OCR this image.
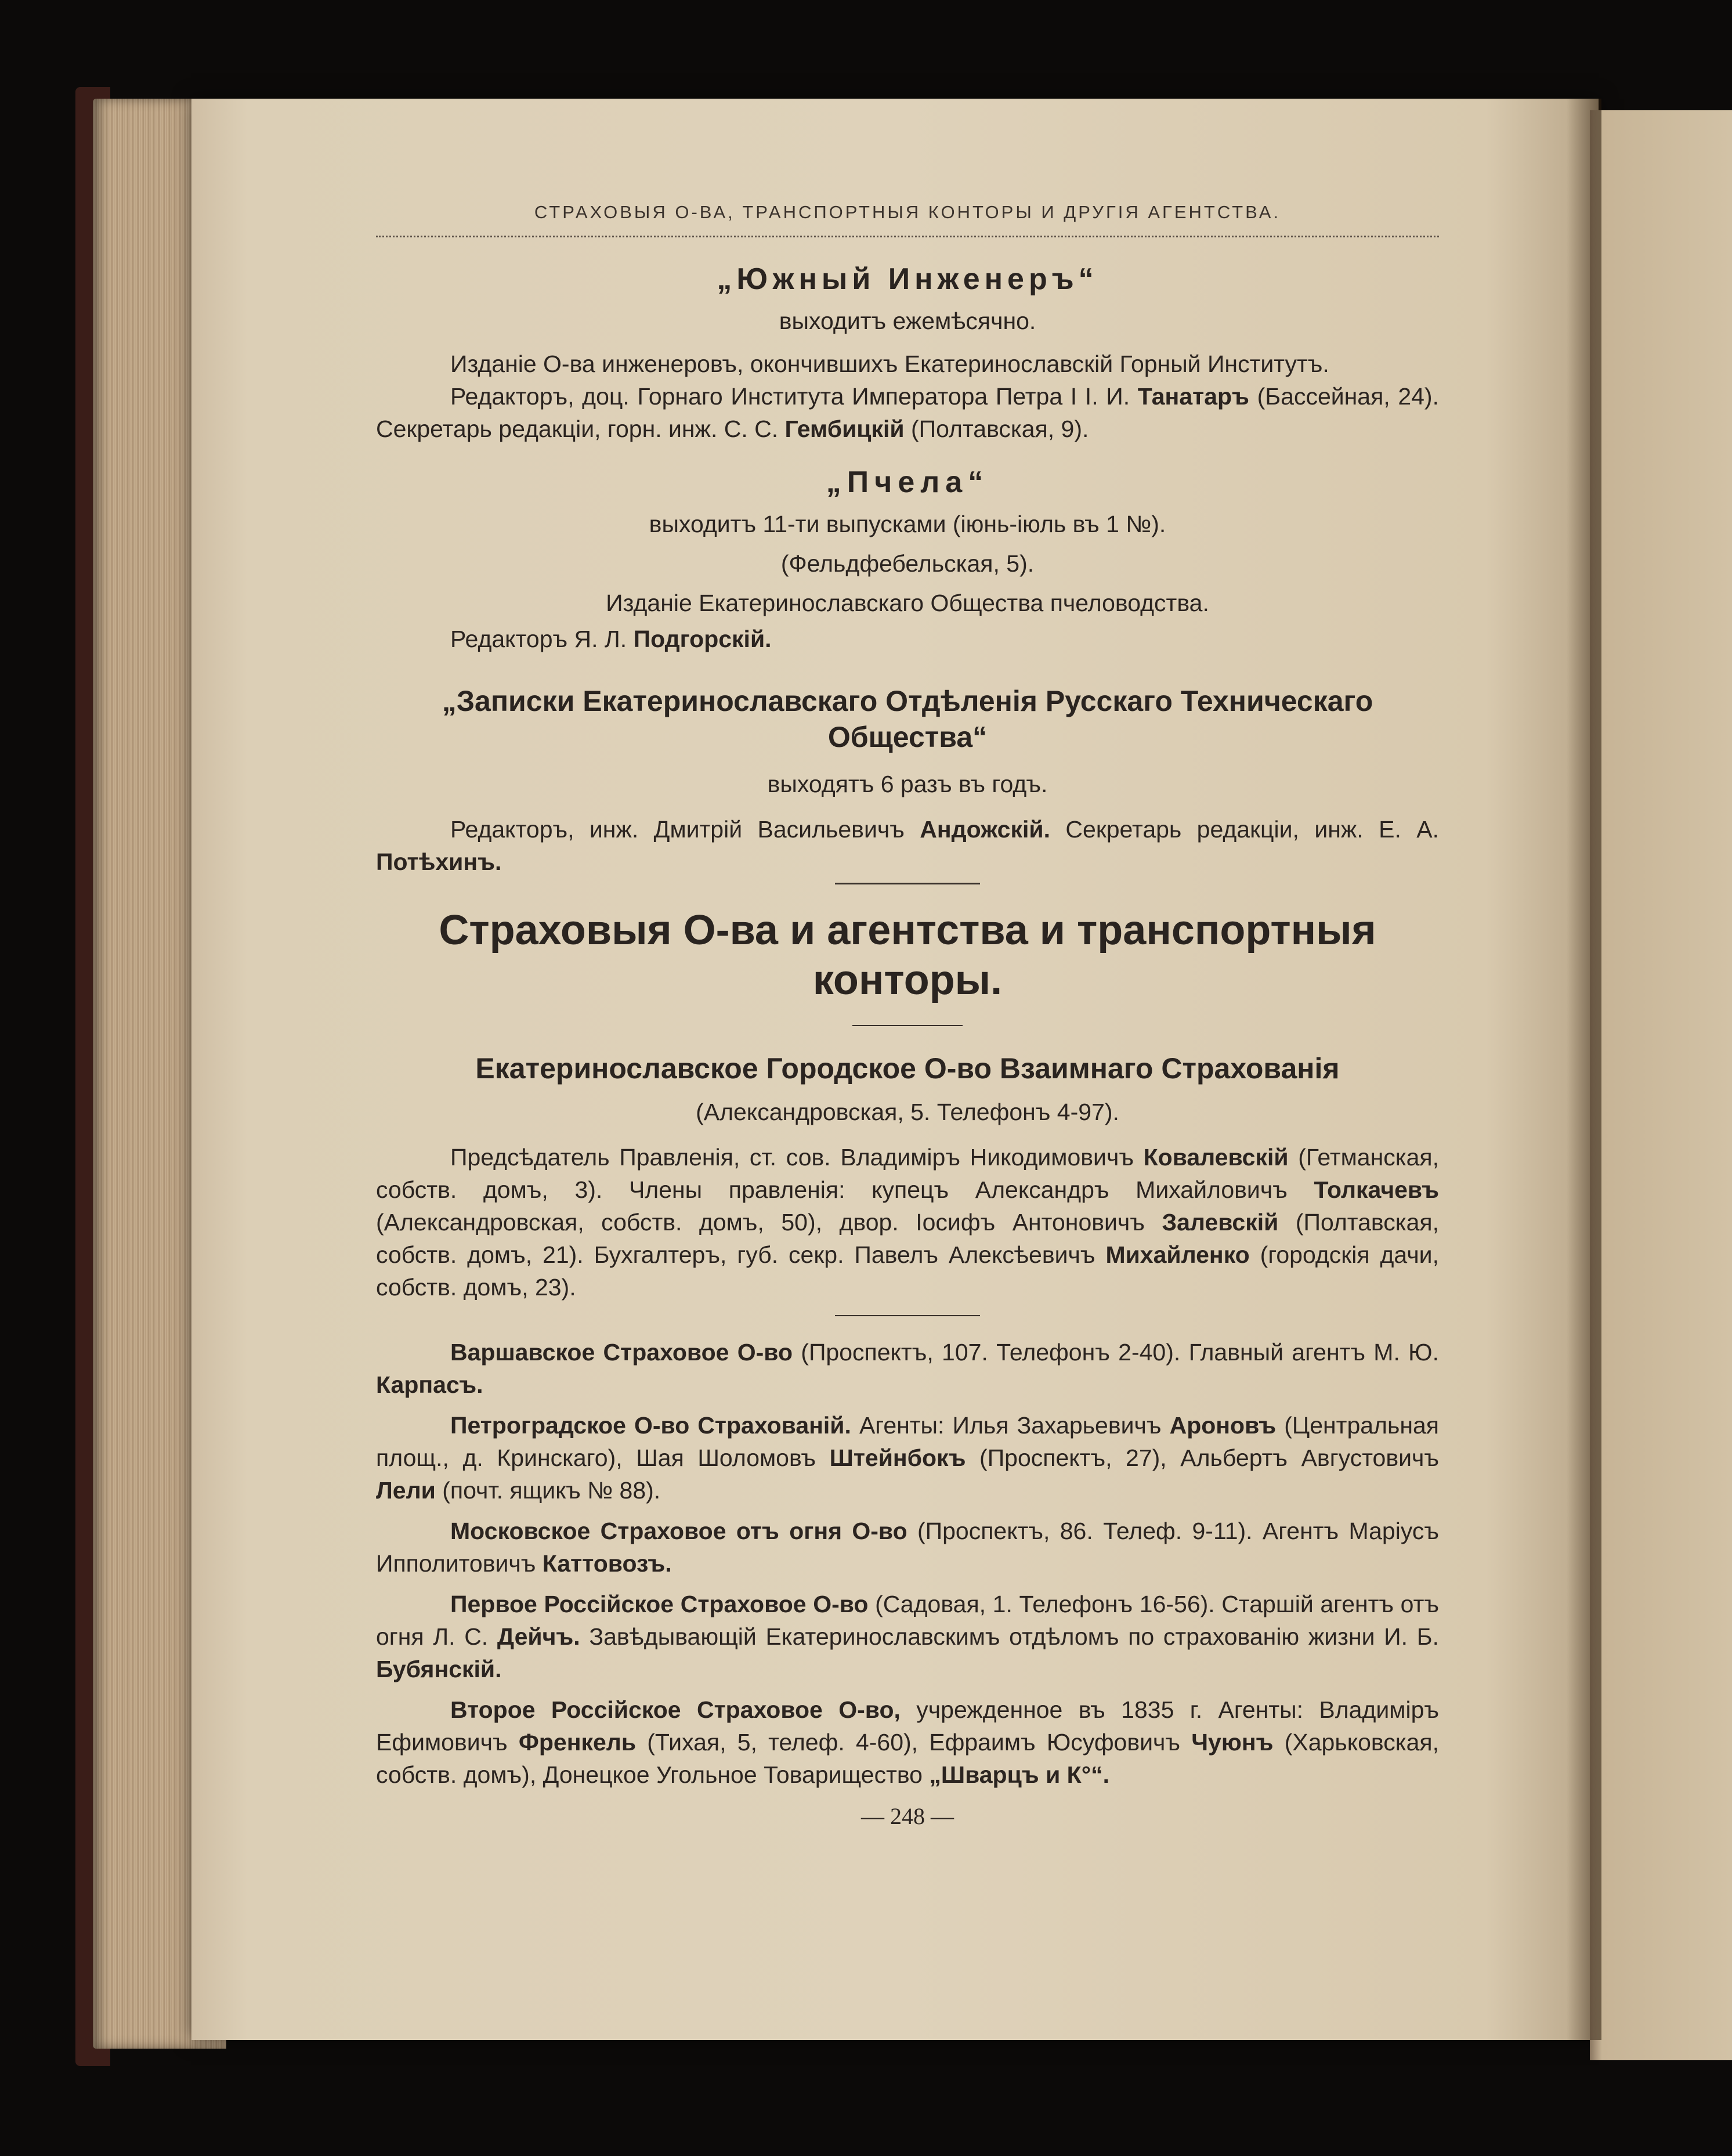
СТРАХОВЫЯ О-ВА, ТРАНСПОРТНЫЯ КОНТОРЫ И ДРУГІЯ АГЕНТСТВА.
„Южный Инженеръ“

выходитъ ежемѣсячно.

Изданіе О-ва инженеровъ, окончившихъ Екатеринославскій Горный Институтъ.

Редакторъ, доц. Горнаго Института Императора Петра I І. И. Танатаръ (Бассейная, 24). Секретарь редакціи, горн. инж. С. С. Гембицкій (Полтавская, 9).

„Пчела“

выходитъ 11-ти выпусками (іюнь-іюль въ 1 №).

(Фельдфебельская, 5).

Изданіе Екатеринославскаго Общества пчеловодства.

Редакторъ Я. Л. Подгорскій.

„Записки Екатеринославскаго Отдѣленія Русскаго Техническаго Общества“

выходятъ 6 разъ въ годъ.

Редакторъ, инж. Дмитрій Васильевичъ Андожскій. Секретарь редакціи, инж. Е. А. Потѣхинъ.

Страховыя О-ва и агентства и транспортныя конторы.
Екатеринославское Городское О-во Взаимнаго Страхованія

(Александровская, 5. Телефонъ 4-97).

Предсѣдатель Правленія, ст. сов. Владиміръ Никодимовичъ Ковалевскій (Гетманская, собств. домъ, 3). Члены правленія: купецъ Александръ Михайловичъ Толкачевъ (Александровская, собств. домъ, 50), двор. Іосифъ Антоновичъ Залевскій (Полтавская, собств. домъ, 21). Бухгалтеръ, губ. секр. Павелъ Алексѣевичъ Михайленко (городскія дачи, собств. домъ, 23).

Варшавское Страховое О-во (Проспектъ, 107. Телефонъ 2-40). Главный агентъ М. Ю. Карпасъ.

Петроградское О-во Страхованій. Агенты: Илья Захарьевичъ Ароновъ (Центральная площ., д. Кринскаго), Шая Шоломовъ Штейнбокъ (Проспектъ, 27), Альбертъ Августовичъ Лели (почт. ящикъ № 88).

Московское Страховое отъ огня О-во (Проспектъ, 86. Телеф. 9-11). Агентъ Маріусъ Ипполитовичъ Каттовозъ.

Первое Россійское Страховое О-во (Садовая, 1. Телефонъ 16-56). Старшій агентъ отъ огня Л. С. Дейчъ. Завѣдывающій Екатеринославскимъ отдѣломъ по страхованію жизни И. Б. Бубянскій.

Второе Россійское Страховое О-во, учрежденное въ 1835 г. Агенты: Владиміръ Ефимовичъ Френкель (Тихая, 5, телеф. 4-60), Ефраимъ Юсуфовичъ Чуюнъ (Харьковская, собств. домъ), Донецкое Угольное Товарищество „Шварцъ и К°“.

— 248 —
